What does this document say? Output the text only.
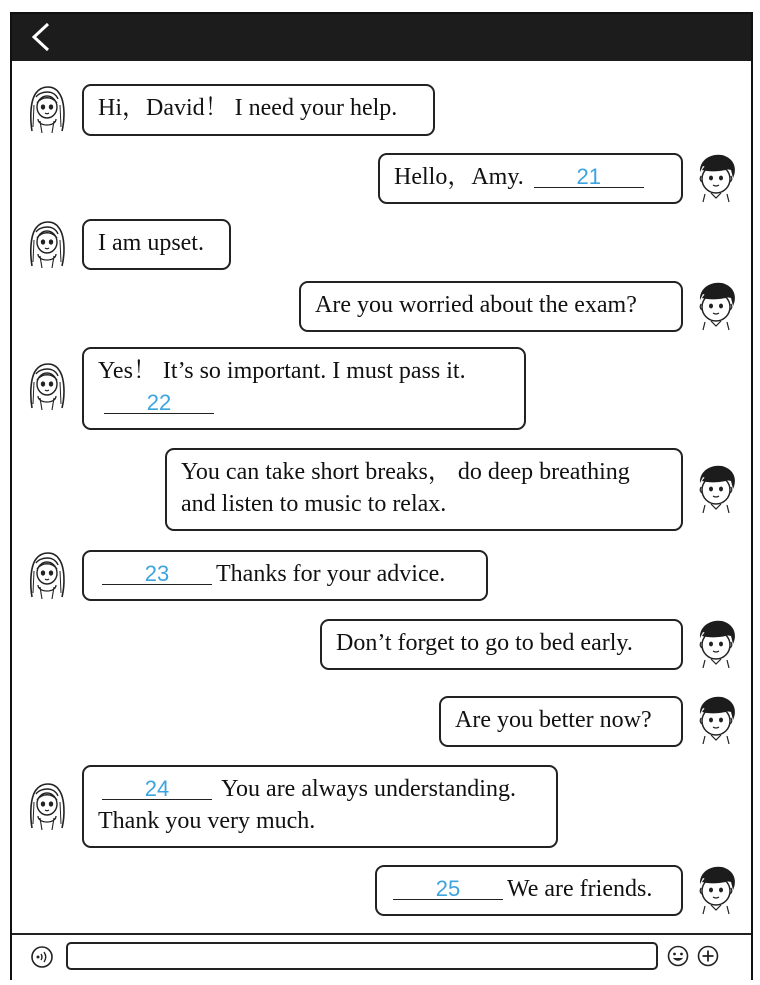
Hi，David！ I need your help.
Hello，Amy.	21
I am upset.
Are you worried about the exam?
Yes！ It’s so important. I must pass it.
22
You can take short breaks， do deep breathing
and listen to music to relax.
23	Thanks for your advice.
Don’t forget to go to bed early.
Are you better now?
24	You are always understanding.
Thank you very much.
25	We are friends.
